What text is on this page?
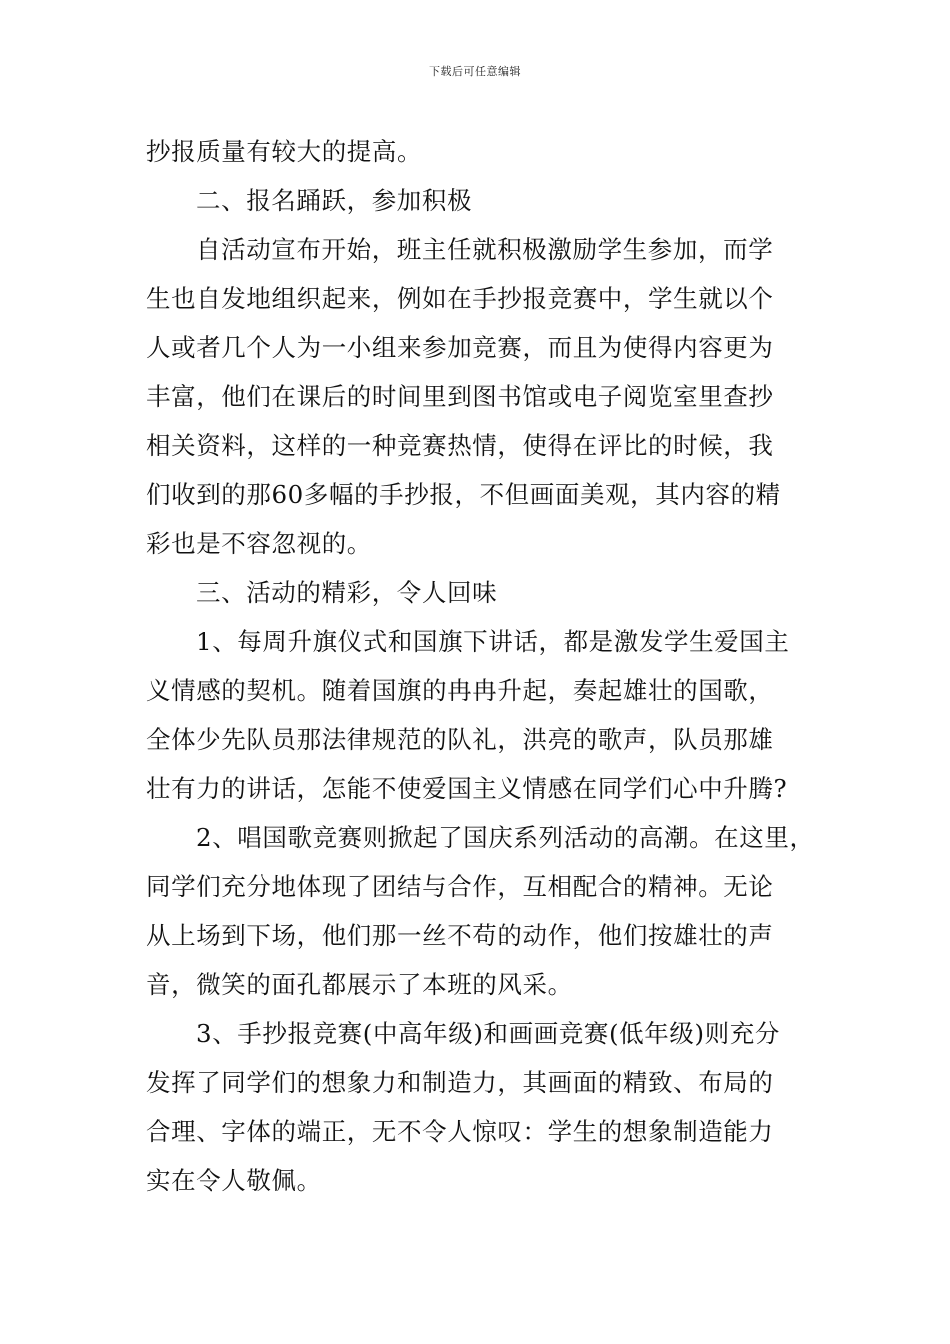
下载后可任意编辑
抄报质量有较大的提高。
二、报名踊跃，参加积极
自活动宣布开始，班主任就积极激励学生参加，而学
生也自发地组织起来，例如在手抄报竞赛中，学生就以个
人或者几个人为一小组来参加竞赛，而且为使得内容更为
丰富，他们在课后的时间里到图书馆或电子阅览室里查抄
相关资料，这样的一种竞赛热情，使得在评比的时候，我
们收到的那60多幅的手抄报，不但画面美观，其内容的精
彩也是不容忽视的。
三、活动的精彩，令人回味
1、每周升旗仪式和国旗下讲话，都是激发学生爱国主
义情感的契机。随着国旗的冉冉升起，奏起雄壮的国歌，
全体少先队员那法律规范的队礼，洪亮的歌声，队员那雄
壮有力的讲话，怎能不使爱国主义情感在同学们心中升腾?
2、唱国歌竞赛则掀起了国庆系列活动的高潮。在这里，
同学们充分地体现了团结与合作，互相配合的精神。无论
从上场到下场，他们那一丝不苟的动作，他们按雄壮的声
音，微笑的面孔都展示了本班的风采。
3、手抄报竞赛(中高年级)和画画竞赛(低年级)则充分
发挥了同学们的想象力和制造力，其画面的精致、布局的
合理、字体的端正，无不令人惊叹：学生的想象制造能力
实在令人敬佩。
